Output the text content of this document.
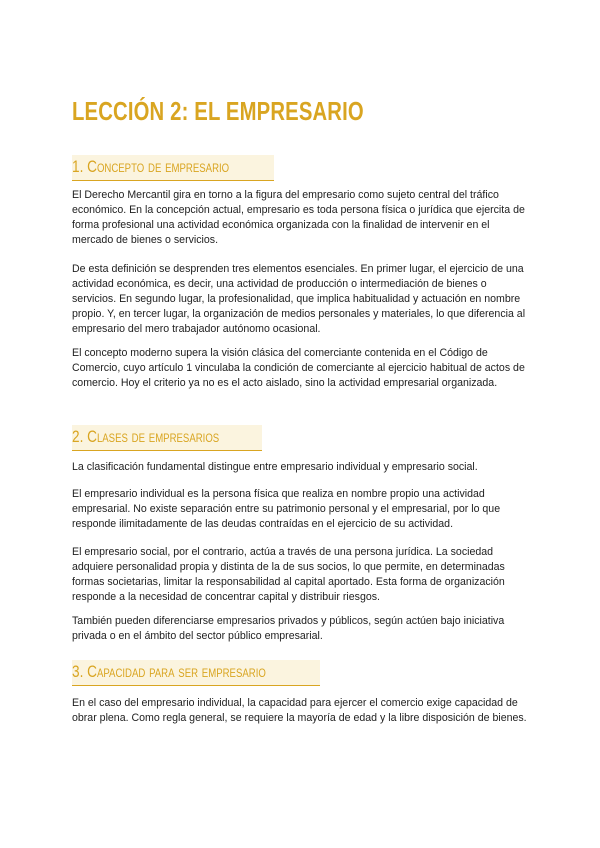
LECCIÓN 2: EL EMPRESARIO
1. Concepto de empresario

El Derecho Mercantil gira en torno a la figura del empresario como sujeto central del tráfico económico. En la concepción actual, empresario es toda persona física o jurídica que ejercita de forma profesional una actividad económica organizada con la finalidad de intervenir en el mercado de bienes o servicios.

De esta definición se desprenden tres elementos esenciales. En primer lugar, el ejercicio de una actividad económica, es decir, una actividad de producción o intermediación de bienes o servicios. En segundo lugar, la profesionalidad, que implica habitualidad y actuación en nombre propio. Y, en tercer lugar, la organización de medios personales y materiales, lo que diferencia al empresario del mero trabajador autónomo ocasional.

El concepto moderno supera la visión clásica del comerciante contenida en el Código de Comercio, cuyo artículo 1 vinculaba la condición de comerciante al ejercicio habitual de actos de comercio. Hoy el criterio ya no es el acto aislado, sino la actividad empresarial organizada.

2. Clases de empresarios

La clasificación fundamental distingue entre empresario individual y empresario social.

El empresario individual es la persona física que realiza en nombre propio una actividad empresarial. No existe separación entre su patrimonio personal y el empresarial, por lo que responde ilimitadamente de las deudas contraídas en el ejercicio de su actividad.

El empresario social, por el contrario, actúa a través de una persona jurídica. La sociedad adquiere personalidad propia y distinta de la de sus socios, lo que permite, en determinadas formas societarias, limitar la responsabilidad al capital aportado. Esta forma de organización responde a la necesidad de concentrar capital y distribuir riesgos.

También pueden diferenciarse empresarios privados y públicos, según actúen bajo iniciativa privada o en el ámbito del sector público empresarial.

3. Capacidad para ser empresario

En el caso del empresario individual, la capacidad para ejercer el comercio exige capacidad de obrar plena. Como regla general, se requiere la mayoría de edad y la libre disposición de bienes.
